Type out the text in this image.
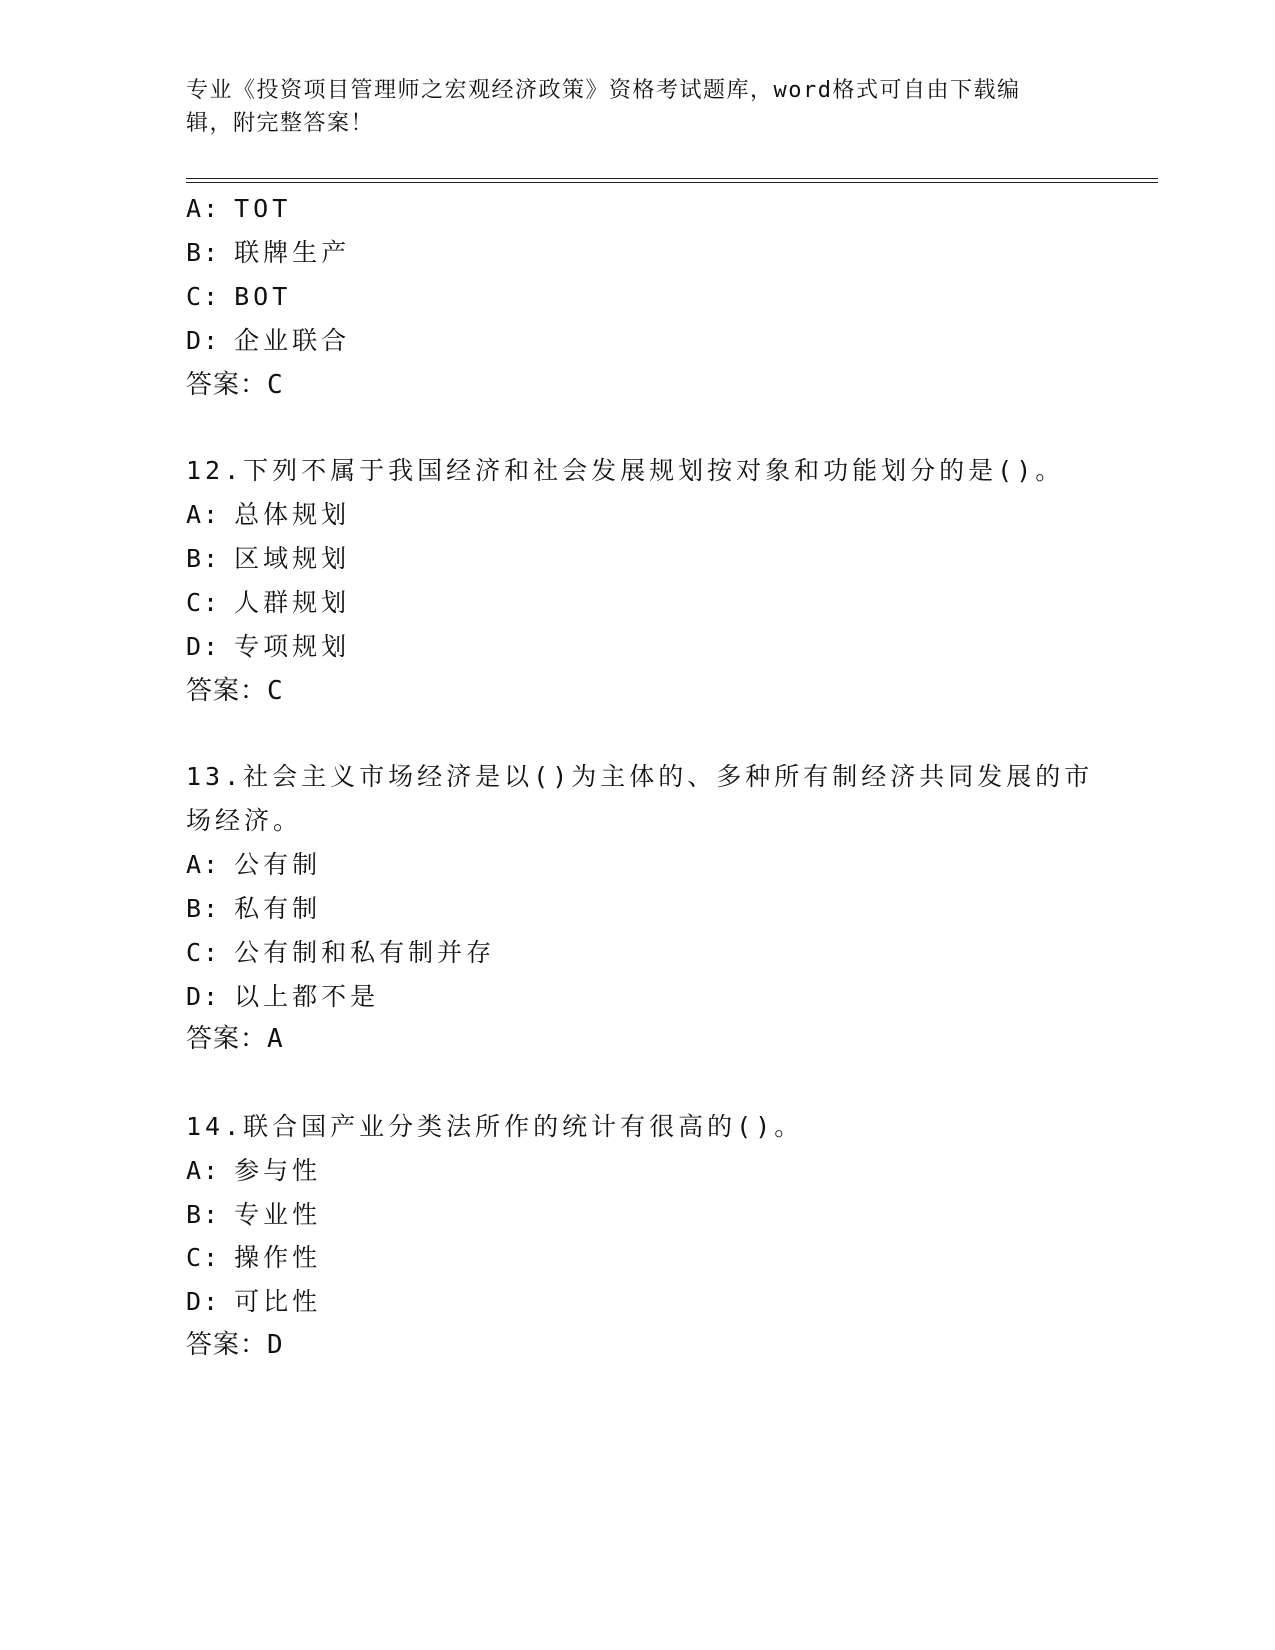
专业《投资项目管理师之宏观经济政策》资格考试题库，word格式可自由下载编辑，附完整答案！
A: TOT
B: 联牌生产
C: BOT
D: 企业联合
答案：C
12.下列不属于我国经济和社会发展规划按对象和功能划分的是()。
A: 总体规划
B: 区域规划
C: 人群规划
D: 专项规划
答案：C
13.社会主义市场经济是以()为主体的、多种所有制经济共同发展的市
场经济。
A: 公有制
B: 私有制
C: 公有制和私有制并存
D: 以上都不是
答案：A
14.联合国产业分类法所作的统计有很高的()。
A: 参与性
B: 专业性
C: 操作性
D: 可比性
答案：D
